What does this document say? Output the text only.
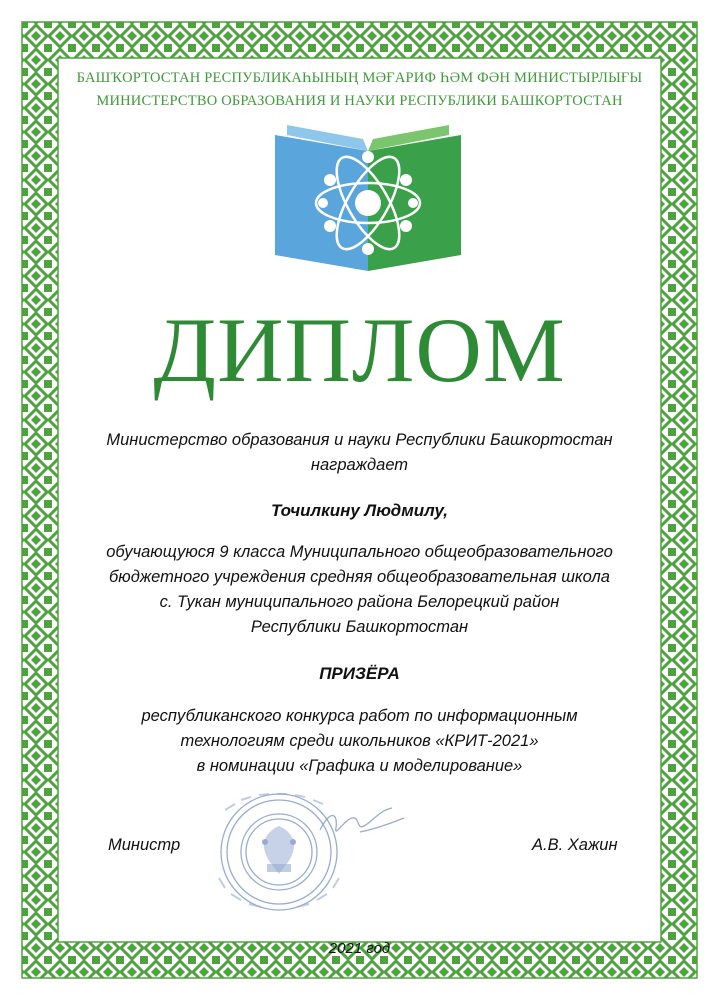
БАШҠОРТОСТАН РЕСПУБЛИКАҺЫНЫҢ МӘҒАРИФ ҺӘМ ФӘН МИНИСТЫРЛЫҒЫ
МИНИСТЕРСТВО ОБРАЗОВАНИЯ И НАУКИ РЕСПУБЛИКИ БАШКОРТОСТАН
ДИПЛОМ
Министерство образования и науки Республики Башкортостан
награждает
Точилкину Людмилу,
обучающуюся 9 класса Муниципального общеобразовательного
бюджетного учреждения средняя общеобразовательная школа
с. Тукан муниципального района Белорецкий район
Республики Башкортостан
ПРИЗЁРА
республиканского конкурса работ по информационным
технологиям среди школьников «КРИТ-2021»
в номинации «Графика и моделирование»
Министр	А.В. Хажин
2021 год
